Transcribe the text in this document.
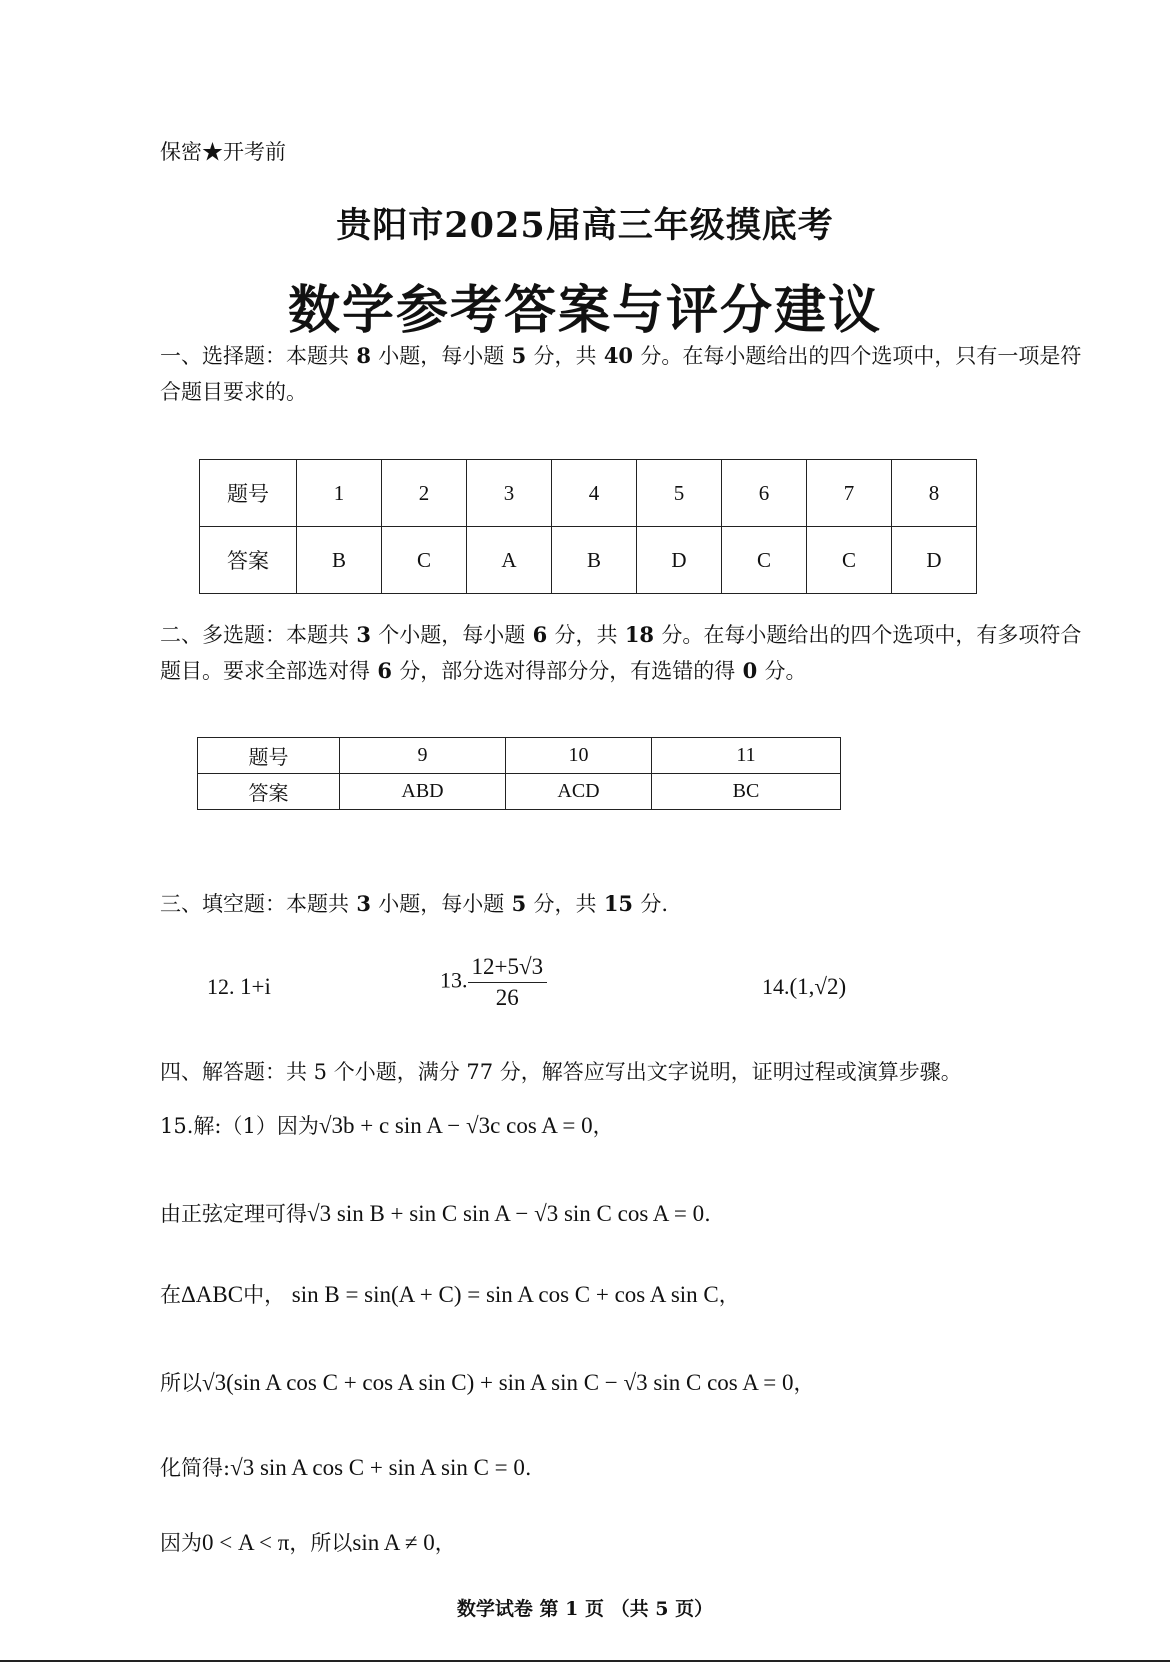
保密★开考前
贵阳市2025届高三年级摸底考
数学参考答案与评分建议
一、选择题：本题共 8 小题，每小题 5 分，共 40 分。在每小题给出的四个选项中，只有一项是符合题目要求的。
题号	1	2	3	4	5	6	7	8
答案	B	C	A	B	D	C	C	D
二、多选题：本题共 3 个小题，每小题 6 分，共 18 分。在每小题给出的四个选项中，有多项符合题目。要求全部选对得 6 分，部分选对得部分分，有选错的得 0 分。
题号	9	10	11
答案	ABD	ACD	BC
三、填空题：本题共 3 小题，每小题 5 分，共 15 分.
12. 1+i	13. $\frac{12+5√3}{26}$	14.(1,√2)
四、解答题：共 5 个小题，满分 77 分，解答应写出文字说明，证明过程或演算步骤。
15.解:（1）因为√3b + c sin A − √3c cos A = 0，
由正弦定理可得√3 sin B + sin C sin A − √3 sin C cos A = 0.
在ΔABC中， sin B = sin(A + C) = sin A cos C + cos A sin C，
所以√3(sin A cos C + cos A sin C) + sin A sin C − √3 sin C cos A = 0，
化简得:√3 sin A cos C + sin A sin C = 0.
因为0 < A < π，所以sin A ≠ 0，
数学试卷 第 1 页 （共 5 页）
